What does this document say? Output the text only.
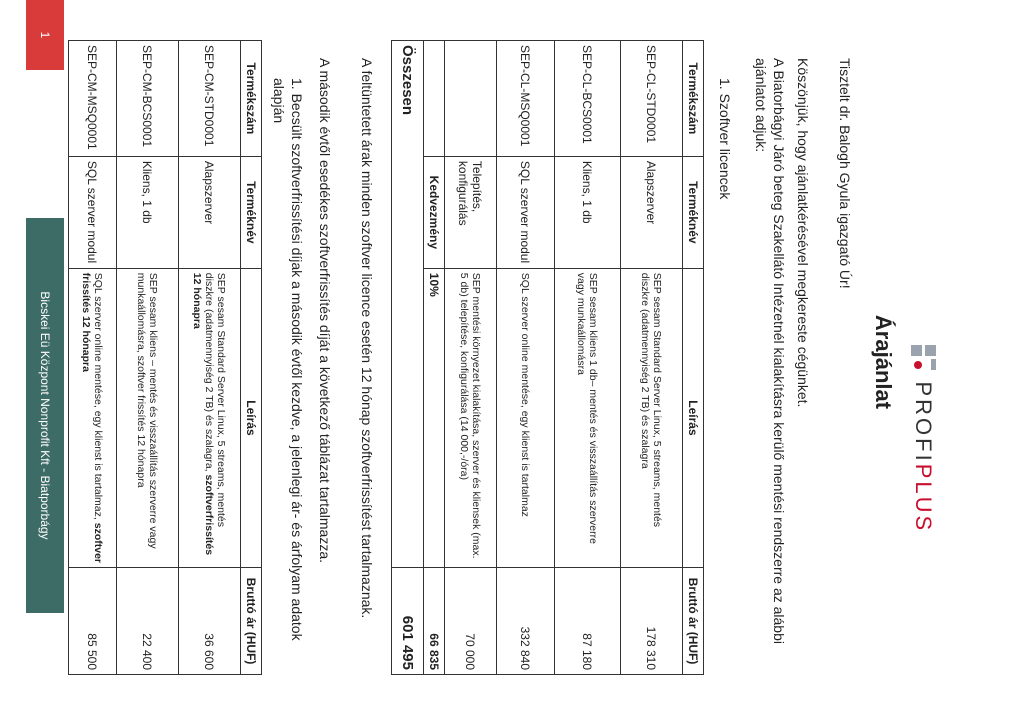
PROFIPLUS
Árajánlat
Tisztelt dr. Balogh Gyula igazgató Úr!
Köszönjük, hogy ajánlatkérésével megkereste cégünket.
A Biatorbágyi Járó beteg Szakellátó Intézetnél kialakításra kerülő mentési rendszerre az alábbi ajánlatot adjuk:
1. Szoftver licencek
Termékszám	Terméknév	Leírás	Bruttó ár (HUF)
SEP-CL-STD0001	Alapszerver	SEP sesam Standard Server Linux, 5 streams, mentés diszkre (adatmennyiség 2 TB) és szalagra	178 310
SEP-CL-BCS0001	Kliens, 1 db	SEP sesam kliens 1 db– mentés és visszaállítás szerverre vagy munkaállomásra	87 180
SEP-CL-MSQ0001	SQL szerver modul	SQL szerver online mentése, egy klienst is tartalmaz	332 840
	Telepítés, konfigurálás	SEP mentési környezet kialakítása, szerver és kliensek (max. 5 db) telepítése, konfigurálása (14 000,-/óra)	70 000
	Kedvezmény	10%	66 835
Összesen			601 495
A feltüntetett árak minden szoftver licence esetén 12 hónap szoftverfrissítést tartalmaznak.
A második évtől esedékes szoftverfrissítés díját a következő táblázat tartalmazza.
1. Becsült szoftverfrissítési díjak a második évtől kezdve, a jelenlegi ár- és árfolyam adatok alapján
Termékszám	Terméknév	Leírás	Bruttó ár (HUF)
SEP-CM-STD0001	Alapszerver	SEP sesam Standard Server Linux, 5 streams, mentés diszkre (adatmennyiség 2 TB) és szalagra, szoftverfrissítés 12 hónapra	36 600
SEP-CM-BCS0001	Kliens, 1 db	SEP sesam kliens – mentés és visszaállítás szerverre vagy munkaállomásra, szoftver frissítés 12 hónapra	22 400
SEP-CM-MSQ0001	SQL szerver modul	SQL szerver online mentése, egy klienst is tartalmaz, szoftver frissítés 12 hónapra	85 500
1
Bicskei Eü Központ Nonprofit Kft - Biatporbágy
